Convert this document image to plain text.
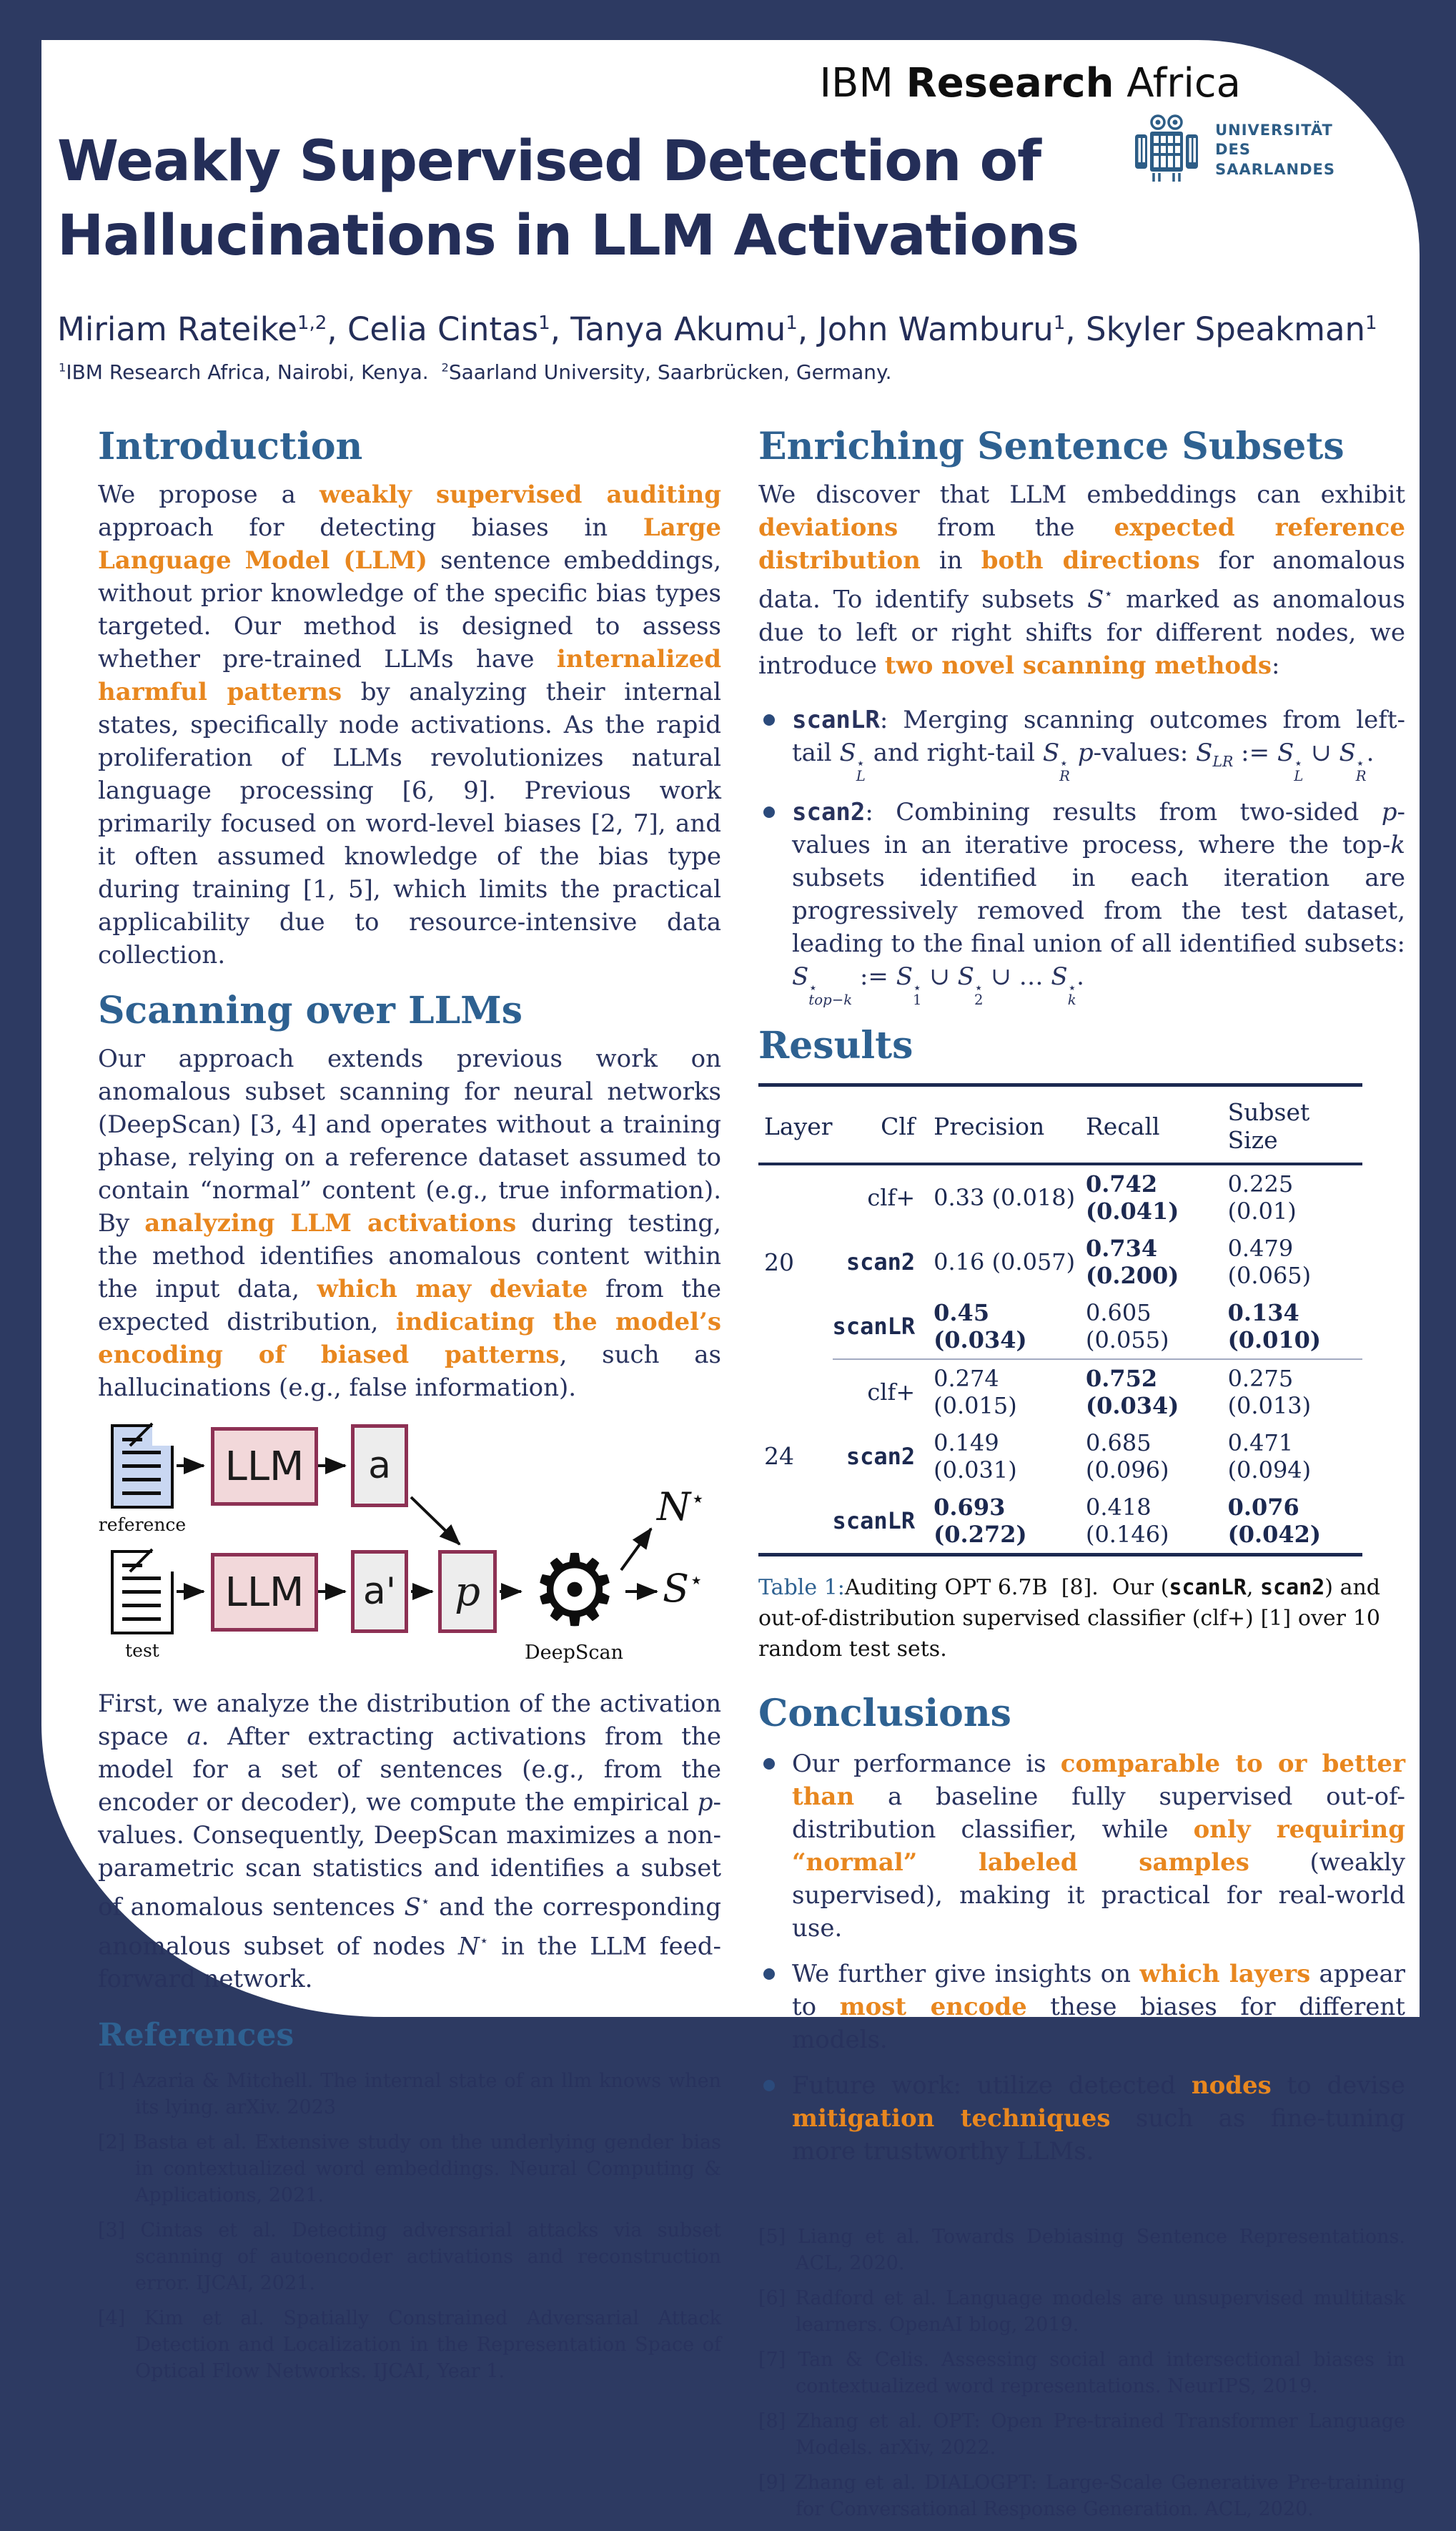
IBM Research Africa
UNIVERSITÄT
DES
SAARLANDES
Weakly Supervised Detection of
Hallucinations in LLM Activations
Miriam Rateike$^{1,2}$, Celia Cintas$^1$, Tanya Akumu$^1$, John Wamburu$^1$, Skyler Speakman$^1$
$^1$IBM Research Africa, Nairobi, Kenya.  $^2$Saarland University, Saarbrücken, Germany.
Introduction

We propose a weakly supervised auditing approach for detecting biases in Large Language Model (LLM) sentence embeddings, without prior knowledge of the specific bias types targeted. Our method is designed to assess whether pre-trained LLMs have internalized harmful patterns by analyzing their internal states, specifically node activations. As the rapid proliferation of LLMs revolutionizes natural language processing [6, 9]. Previous work primarily focused on word-level biases [2, 7], and it often assumed knowledge of the bias type during training [1, 5], which limits the practical applicability due to resource-intensive data collection.

Scanning over LLMs

Our approach extends previous work on anomalous subset scanning for neural networks (DeepScan) [3, 4] and operates without a training phase, relying on a reference dataset assumed to contain “normal” content (e.g., true information). By analyzing LLM activations during testing, the method identifies anomalous content within the input data, which may deviate from the expected distribution, indicating the model’s encoding of biased patterns, such as hallucinations (e.g., false information).

reference
LLM	a
test
LLM	a'	p ⚙
DeepScan
N⋆
S⋆

First, we analyze the distribution of the activation space a. After extracting activations from the model for a set of sentences (e.g., from the encoder or decoder), we compute the empirical p-values. Consequently, DeepScan maximizes a non-parametric scan statistics and identifies a subset of anomalous sentences S⋆ and the corresponding anomalous subset of nodes N⋆ in the LLM feed-forward network.

References
[1] Azaria & Mitchell. The internal state of an llm knows when its lying. arXiv. 2023
[2] Basta et al. Extensive study on the underlying gender bias in contextualized word embeddings. Neural Computing & Applications, 2021.
[3] Cintas et al. Detecting adversarial attacks via subset scanning of autoencoder activations and reconstruction error. IJCAI, 2021.
[4] Kim et al. Spatially Constrained Adversarial Attack Detection and Localization in the Representation Space of Optical Flow Networks. IJCAI, Year 1.
Enriching Sentence Subsets

We discover that LLM embeddings can exhibit deviations from the expected reference distribution in both directions for anomalous data. To identify subsets S⋆ marked as anomalous due to left or right shifts for different nodes, we introduce two novel scanning methods:

scanLR: Merging scanning outcomes from left-tail S ⋆
L
and right-tail S ⋆
R
p-values: $S_{LR}$ := S ⋆
L
∪ S ⋆
R
.
scan2: Combining results from two-sided p-values in an iterative process, where the top-k subsets identified in each iteration are progressively removed from the test dataset, leading to the final union of all identified subsets: S ⋆
top−k
:= S ⋆
1
∪ S ⋆
2
∪ … S ⋆
k
.
Results
Layer	Clf	Precision	Recall	Subset Size
20	clf+	0.33 (0.018)	0.742 (0.041)	0.225 (0.01)
	scan2	0.16 (0.057)	0.734 (0.200)	0.479 (0.065)
	scanLR	0.45 (0.034)	0.605 (0.055)	0.134 (0.010)
24	clf+	0.274 (0.015)	0.752 (0.034)	0.275 (0.013)
	scan2	0.149 (0.031)	0.685 (0.096)	0.471 (0.094)
	scanLR	0.693 (0.272)	0.418 (0.146)	0.076 (0.042)
Table 1:Auditing OPT 6.7B  [8].  Our (scanLR, scan2) and out-of-distribution supervised classifier (clf+) [1] over 10 random test sets.
Conclusions
Our performance is comparable to or better than a baseline fully supervised out-of-distribution classifier, while only requiring “normal” labeled samples (weakly supervised), making it practical for real-world use.
We further give insights on which layers appear to most encode these biases for different models.
Future work: utilize detected nodes to devise mitigation techniques such as fine-tuning more trustworthy LLMs.
[5] Liang et al. Towards Debiasing Sentence Representations. ACL, 2020.
[6] Radford et al. Language models are unsupervised multitask learners. OpenAI blog, 2019.
[7] Tan & Celis. Assessing social and intersectional biases in contextualized word representations. NeurIPS, 2019.
[8] Zhang et al. OPT: Open Pre-trained Transformer Language Models. arXiv, 2022.
[9] Zhang et al. DIALOGPT: Large-Scale Generative Pre-training for Conversational Response Generation. ACL, 2020.
